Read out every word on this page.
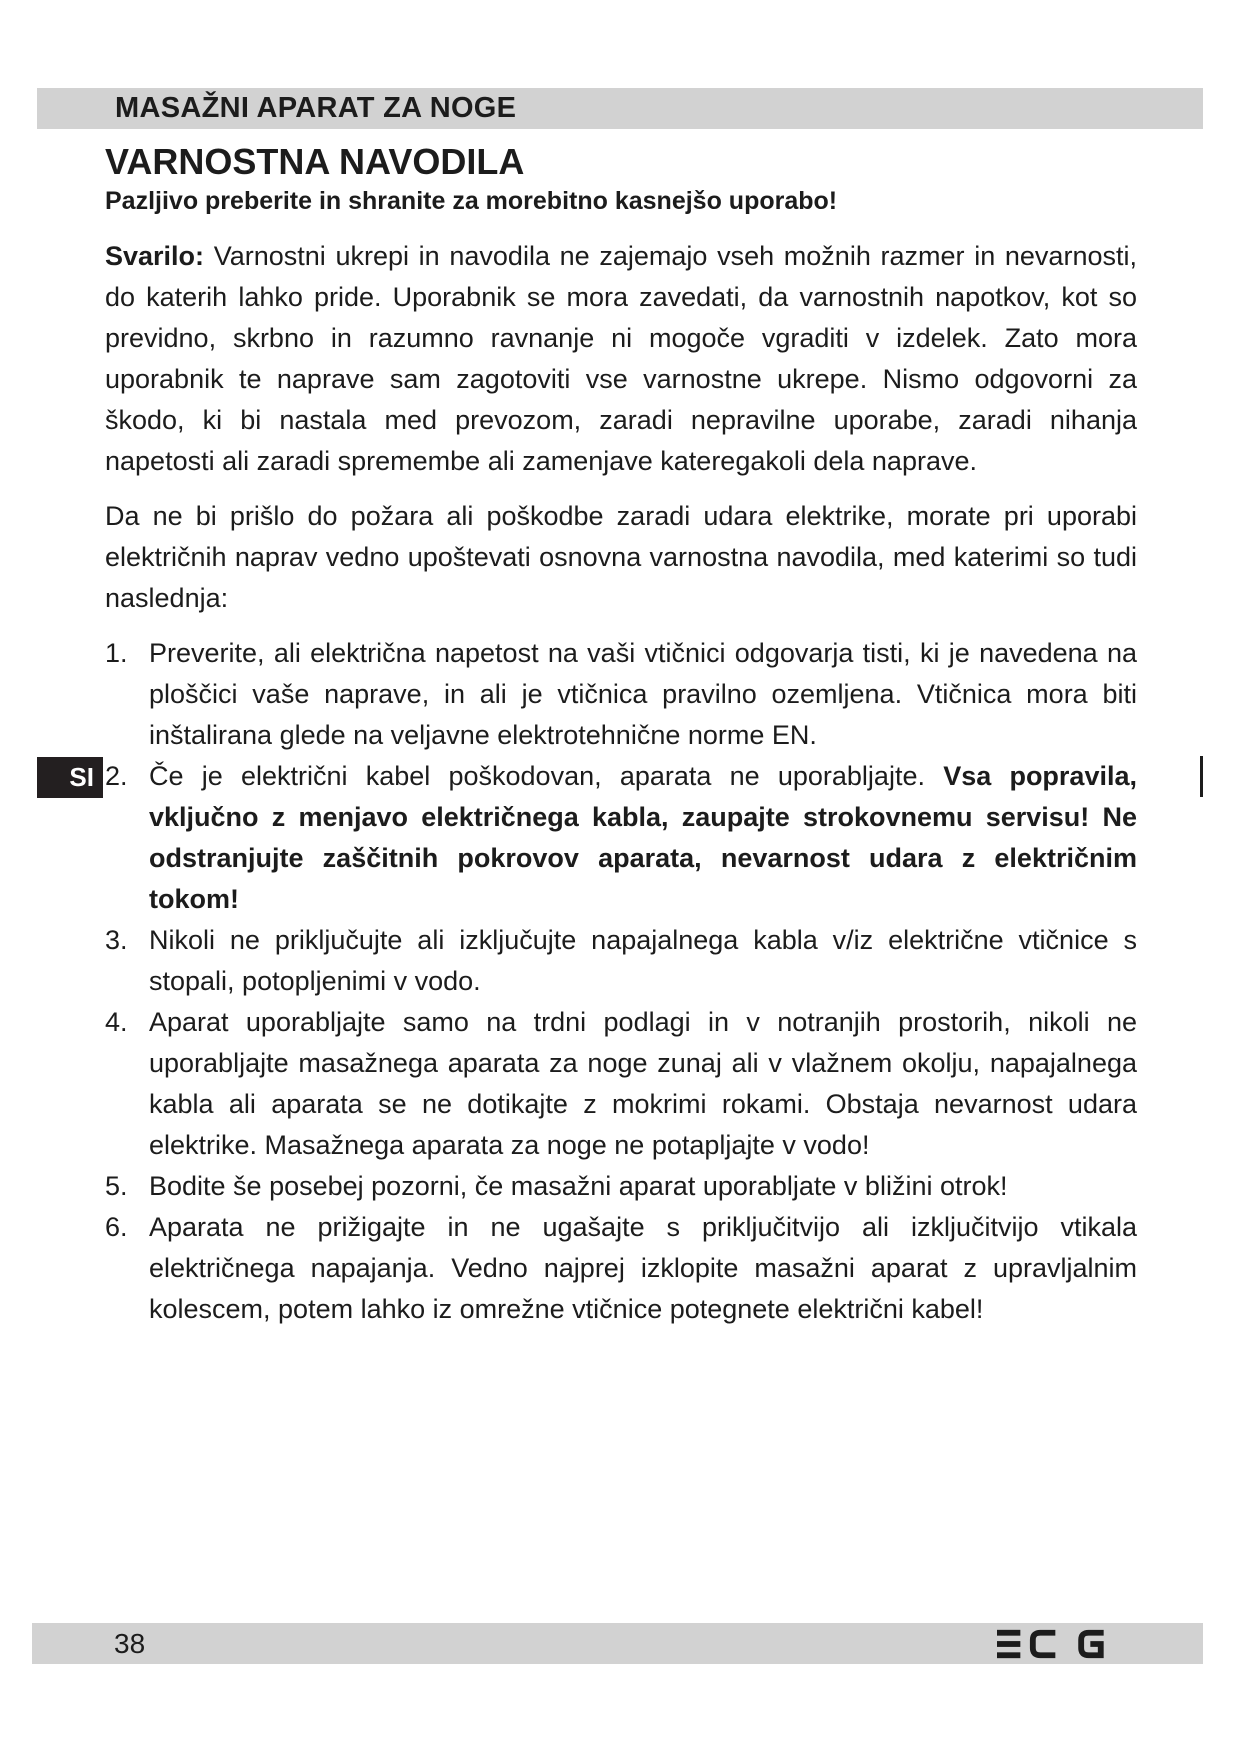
MASAŽNI APARAT ZA NOGE
VARNOSTNA NAVODILA

Pazljivo preberite in shranite za morebitno kasnejšo uporabo!

Svarilo: Varnostni ukrepi in navodila ne zajemajo vseh možnih razmer in nevarnosti, do katerih lahko pride. Uporabnik se mora zavedati, da varnostnih napotkov, kot so previdno, skrbno in razumno ravnanje ni mogoče vgraditi v izdelek. Zato mora uporabnik te naprave sam zagotoviti vse varnostne ukrepe. Nismo odgovorni za škodo, ki bi nastala med prevozom, zaradi nepravilne uporabe, zaradi nihanja napetosti ali zaradi spremembe ali zamenjave kateregakoli dela naprave.

Da ne bi prišlo do požara ali poškodbe zaradi udara elektrike, morate pri uporabi električnih naprav vedno upoštevati osnovna varnostna navodila, med katerimi so tudi naslednja:

1. Preverite, ali električna napetost na vaši vtičnici odgovarja tisti, ki je navedena na ploščici vaše naprave, in ali je vtičnica pravilno ozemljena. Vtičnica mora biti inštalirana glede na veljavne elektrotehnične norme EN.
2. Če je električni kabel poškodovan, aparata ne uporabljajte. Vsa popravila, vključno z menjavo električnega kabla, zaupajte strokovnemu servisu! Ne odstranjujte zaščitnih pokrovov aparata, nevarnost udara z električnim tokom!
3. Nikoli ne priključujte ali izključujte napajalnega kabla v/iz električne vtičnice s stopali, potopljenimi v vodo.
4. Aparat uporabljajte samo na trdni podlagi in v notranjih prostorih, nikoli ne uporabljajte masažnega aparata za noge zunaj ali v vlažnem okolju, napajalnega kabla ali aparata se ne dotikajte z mokrimi rokami. Obstaja nevarnost udara elektrike. Masažnega aparata za noge ne potapljajte v vodo!
5. Bodite še posebej pozorni, če masažni aparat uporabljate v bližini otrok!
6. Aparata ne prižigajte in ne ugašajte s priključitvijo ali izključitvijo vtikala električnega napajanja. Vedno najprej izklopite masažni aparat z upravljalnim kolescem, potem lahko iz omrežne vtičnice potegnete električni kabel!
SI
38
